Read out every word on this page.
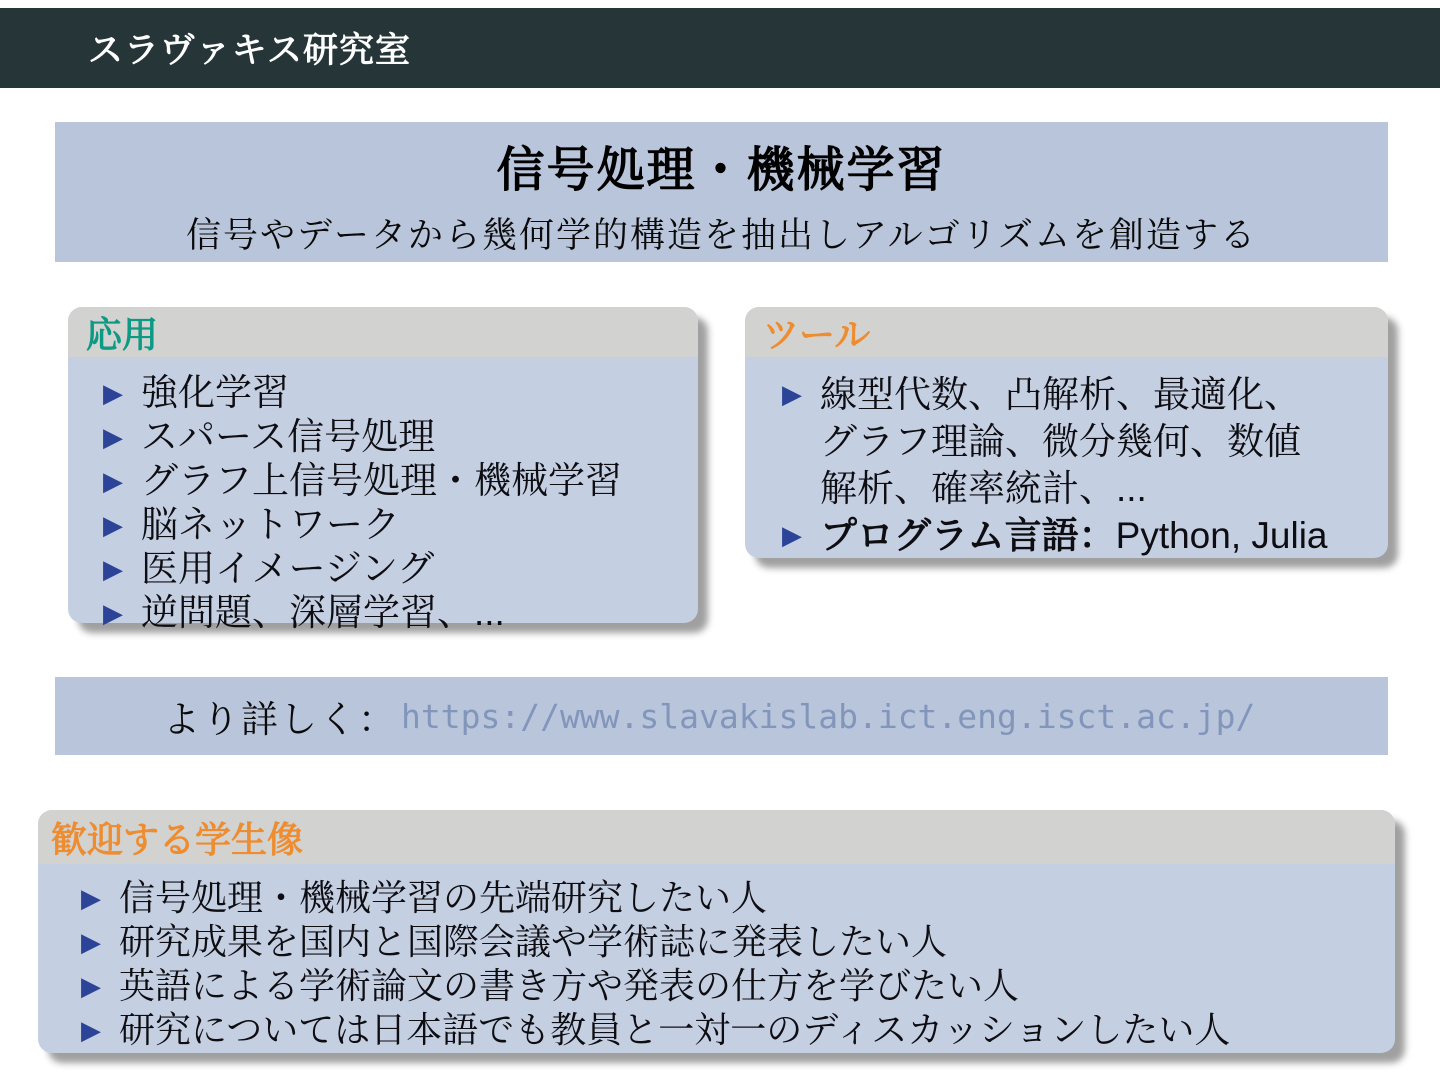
スラヴァキス研究室
信号処理・機械学習
信号やデータから幾何学的構造を抽出しアルゴリズムを創造する
応用
▶ 強化学習
▶ スパース信号処理
▶ グラフ上信号処理・機械学習
▶ 脳ネットワーク
▶ 医用イメージング
▶ 逆問題、深層学習、...
ツール
▶ 線型代数、凸解析、最適化、グラフ理論、微分幾何、数値解析、確率統計、...
▶ プログラム言語：Python, Julia
より詳しく： https://www.slavakislab.ict.eng.isct.ac.jp/
歓迎する学生像
▶ 信号処理・機械学習の先端研究したい人
▶ 研究成果を国内と国際会議や学術誌に発表したい人
▶ 英語による学術論文の書き方や発表の仕方を学びたい人
▶ 研究については日本語でも教員と一対一のディスカッションしたい人
